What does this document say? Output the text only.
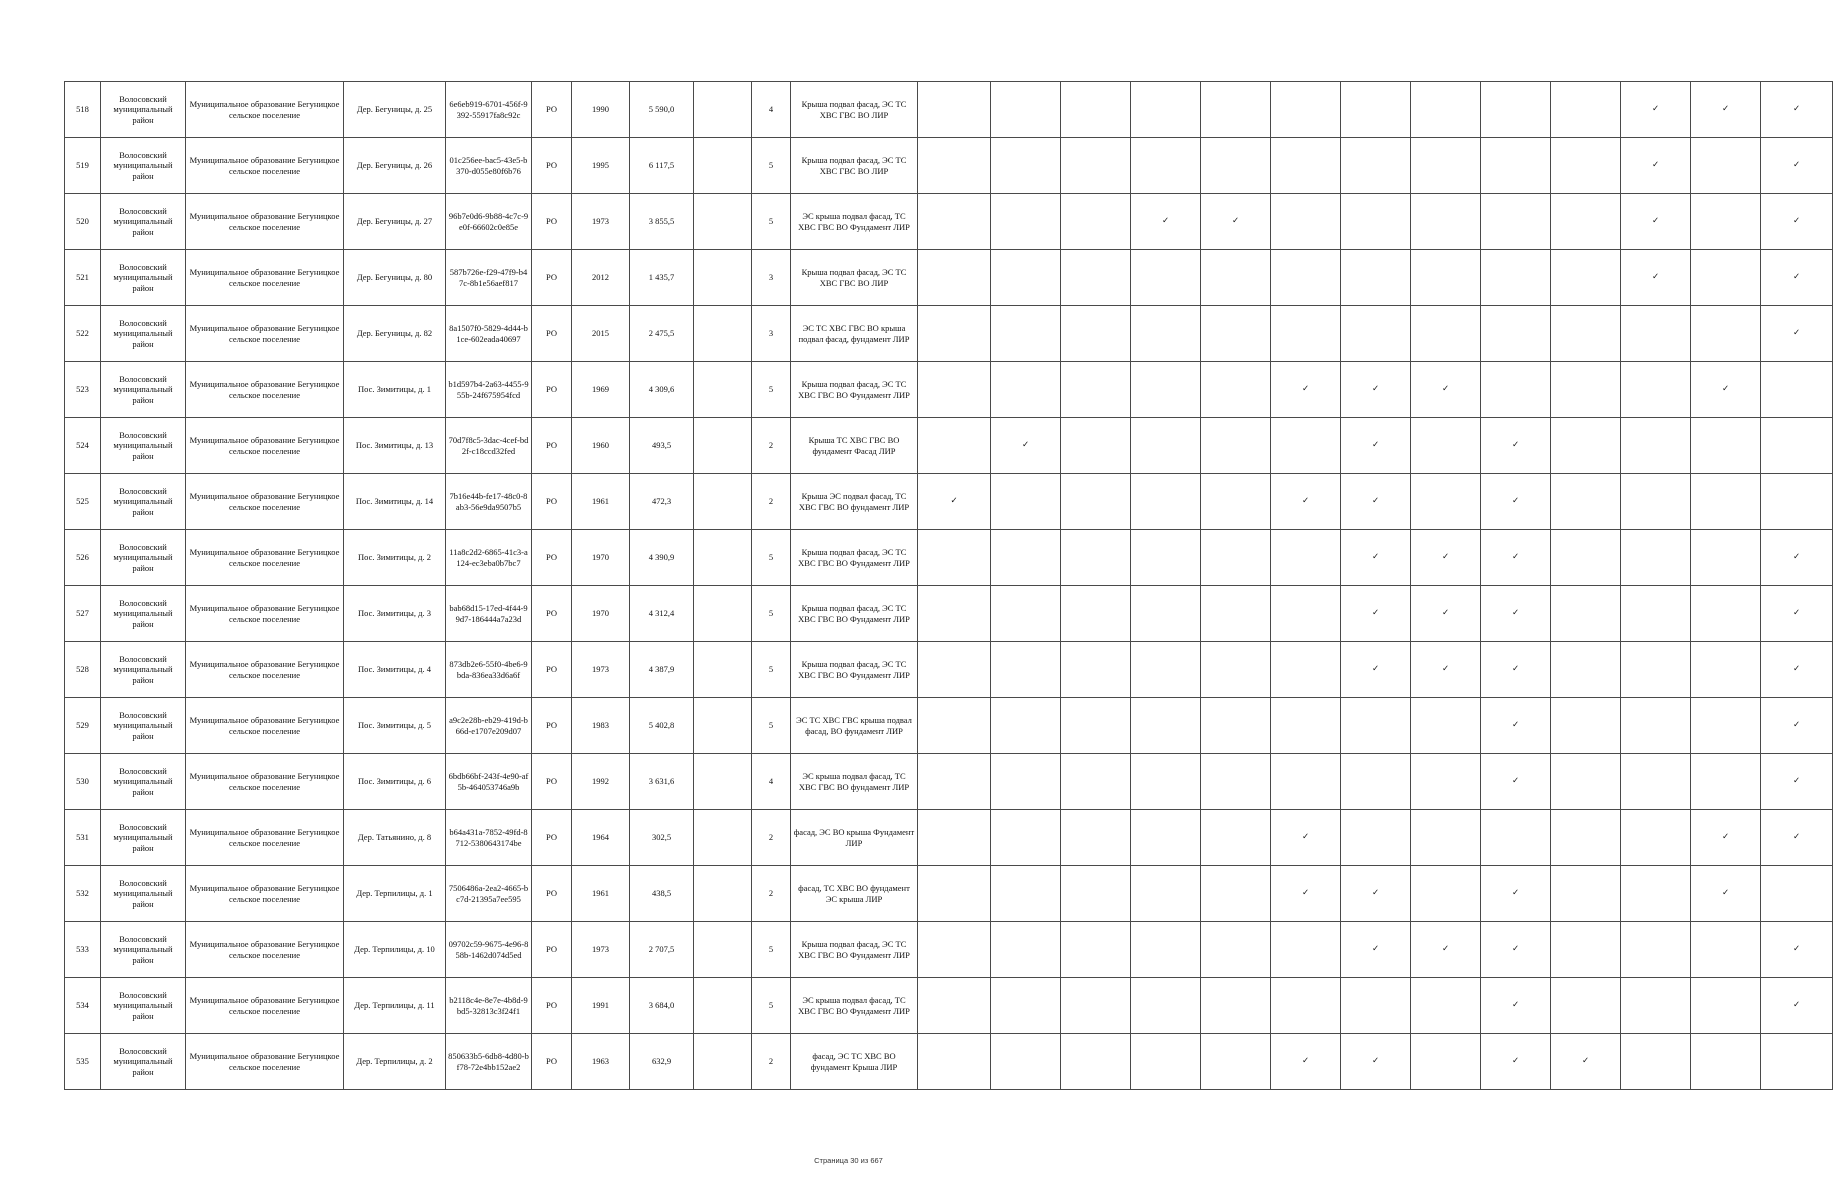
518	Волосовский муниципальный район	Муниципальное образование Бегуницкое сельское поселение	Дер. Бегуницы, д. 25	6e6eb919-6701-456f-9392-55917fa8c92c	РО	1990	5 590,0		4	Крыша подвал фасад, ЭС ТС ХВС ГВС ВО ЛИР											✓	✓	✓
519	Волосовский муниципальный район	Муниципальное образование Бегуницкое сельское поселение	Дер. Бегуницы, д. 26	01c256ee-bac5-43e5-b370-d055e80f6b76	РО	1995	6 117,5		5	Крыша подвал фасад, ЭС ТС ХВС ГВС ВО ЛИР											✓		✓
520	Волосовский муниципальный район	Муниципальное образование Бегуницкое сельское поселение	Дер. Бегуницы, д. 27	96b7e0d6-9b88-4c7c-9e0f-66602c0e85e	РО	1973	3 855,5		5	ЭС крыша подвал фасад, ТС ХВС ГВС ВО Фундамент ЛИР				✓	✓						✓		✓
521	Волосовский муниципальный район	Муниципальное образование Бегуницкое сельское поселение	Дер. Бегуницы, д. 80	587b726e-f29-47f9-b47c-8b1e56aef817	РО	2012	1 435,7		3	Крыша подвал фасад, ЭС ТС ХВС ГВС ВО ЛИР											✓		✓
522	Волосовский муниципальный район	Муниципальное образование Бегуницкое сельское поселение	Дер. Бегуницы, д. 82	8a1507f0-5829-4d44-b1ce-602eada40697	РО	2015	2 475,5		3	ЭС ТС ХВС ГВС ВО крыша подвал фасад, фундамент ЛИР													✓
523	Волосовский муниципальный район	Муниципальное образование Бегуницкое сельское поселение	Пос. Зимитицы, д. 1	b1d597b4-2a63-4455-955b-24f675954fcd	РО	1969	4 309,6		5	Крыша подвал фасад, ЭС ТС ХВС ГВС ВО Фундамент ЛИР						✓	✓	✓				✓	
524	Волосовский муниципальный район	Муниципальное образование Бегуницкое сельское поселение	Пос. Зимитицы, д. 13	70d7f8c5-3dac-4cef-bd2f-c18ccd32fed	РО	1960	493,5		2	Крыша ТС ХВС ГВС ВО фундамент Фасад ЛИР		✓					✓		✓				
525	Волосовский муниципальный район	Муниципальное образование Бегуницкое сельское поселение	Пос. Зимитицы, д. 14	7b16e44b-fe17-48c0-8ab3-56e9da9507b5	РО	1961	472,3		2	Крыша ЭС подвал фасад, ТС ХВС ГВС ВО фундамент ЛИР	✓					✓	✓		✓				
526	Волосовский муниципальный район	Муниципальное образование Бегуницкое сельское поселение	Пос. Зимитицы, д. 2	11a8c2d2-6865-41c3-a124-ec3eba0b7bc7	РО	1970	4 390,9		5	Крыша подвал фасад, ЭС ТС ХВС ГВС ВО Фундамент ЛИР							✓	✓	✓				✓
527	Волосовский муниципальный район	Муниципальное образование Бегуницкое сельское поселение	Пос. Зимитицы, д. 3	bab68d15-17ed-4f44-99d7-186444a7a23d	РО	1970	4 312,4		5	Крыша подвал фасад, ЭС ТС ХВС ГВС ВО Фундамент ЛИР							✓	✓	✓				✓
528	Волосовский муниципальный район	Муниципальное образование Бегуницкое сельское поселение	Пос. Зимитицы, д. 4	873db2e6-55f0-4be6-9bda-836ea33d6a6f	РО	1973	4 387,9		5	Крыша подвал фасад, ЭС ТС ХВС ГВС ВО Фундамент ЛИР							✓	✓	✓				✓
529	Волосовский муниципальный район	Муниципальное образование Бегуницкое сельское поселение	Пос. Зимитицы, д. 5	a9c2e28b-eb29-419d-b66d-e1707e209d07	РО	1983	5 402,8		5	ЭС ТС ХВС ГВС крыша подвал фасад, ВО фундамент ЛИР									✓				✓
530	Волосовский муниципальный район	Муниципальное образование Бегуницкое сельское поселение	Пос. Зимитицы, д. 6	6bdb66bf-243f-4e90-af5b-464053746a9b	РО	1992	3 631,6		4	ЭС крыша подвал фасад, ТС ХВС ГВС ВО фундамент ЛИР									✓				✓
531	Волосовский муниципальный район	Муниципальное образование Бегуницкое сельское поселение	Дер. Татьянино, д. 8	b64a431a-7852-49fd-8712-5380643174be	РО	1964	302,5		2	фасад, ЭС ВО крыша Фундамент ЛИР						✓						✓	✓
532	Волосовский муниципальный район	Муниципальное образование Бегуницкое сельское поселение	Дер. Терпилицы, д. 1	7506486a-2ea2-4665-bc7d-21395a7ee595	РО	1961	438,5		2	фасад, ТС ХВС ВО фундамент ЭС крыша ЛИР						✓	✓		✓			✓	
533	Волосовский муниципальный район	Муниципальное образование Бегуницкое сельское поселение	Дер. Терпилицы, д. 10	09702c59-9675-4e96-858b-1462d074d5ed	РО	1973	2 707,5		5	Крыша подвал фасад, ЭС ТС ХВС ГВС ВО Фундамент ЛИР							✓	✓	✓				✓
534	Волосовский муниципальный район	Муниципальное образование Бегуницкое сельское поселение	Дер. Терпилицы, д. 11	b2118c4e-8e7e-4b8d-9bd5-32813c3f24f1	РО	1991	3 684,0		5	ЭС крыша подвал фасад, ТС ХВС ГВС ВО Фундамент ЛИР									✓				✓
535	Волосовский муниципальный район	Муниципальное образование Бегуницкое сельское поселение	Дер. Терпилицы, д. 2	850633b5-6db8-4d80-bf78-72e4bb152ae2	РО	1963	632,9		2	фасад, ЭС ТС ХВС ВО фундамент Крыша ЛИР						✓	✓		✓	✓			
Страница 30 из 667
